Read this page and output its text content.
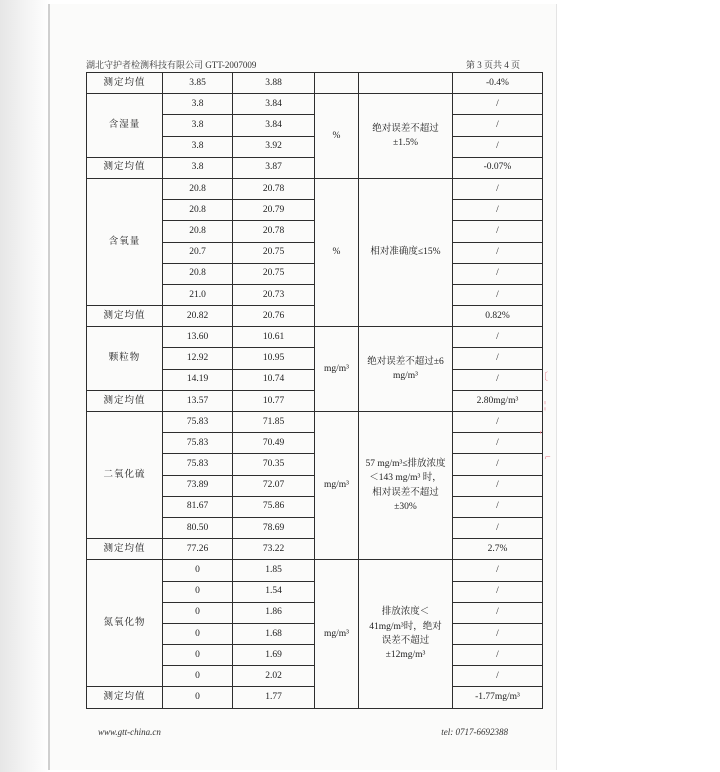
湖北守护者检测科技有限公司 GTT-2007009	第 3 页共 4 页
测定均值	3.85	3.88			-0.4%
含湿量	3.8	3.84	%	绝对误差不超过±1.5%	/
	3.8	3.84			/
	3.8	3.92			/
测定均值	3.8	3.87			-0.07%
含氧量	20.8	20.78	%	相对准确度≤15%	/
	20.8	20.79			/
	20.8	20.78			/
	20.7	20.75			/
	20.8	20.75			/
	21.0	20.73			/
测定均值	20.82	20.76			0.82%
颗粒物	13.60	10.61	mg/m³	绝对误差不超过±6 mg/m³	/
	12.92	10.95			/
	14.19	10.74			/
测定均值	13.57	10.77			2.80mg/m³
二氧化硫	75.83	71.85	mg/m³	57 mg/m³≤排放浓度＜143 mg/m³ 时，相对误差不超过±30%	/
	75.83	70.49			/
	75.83	70.35			/
	73.89	72.07			/
	81.67	75.86			/
	80.50	78.69			/
测定均值	77.26	73.22			2.7%
氮氧化物	0	1.85	mg/m³	排放浓度＜41mg/m³时，绝对误差不超过±12mg/m³	/
	0	1.54			/
	0	1.86			/
	0	1.68			/
	0	1.69			/
	0	2.02			/
测定均值	0	1.77			-1.77mg/m³
www.gtt-china.cn	tel: 0717-6692388
〔
¦
‘
⌐
